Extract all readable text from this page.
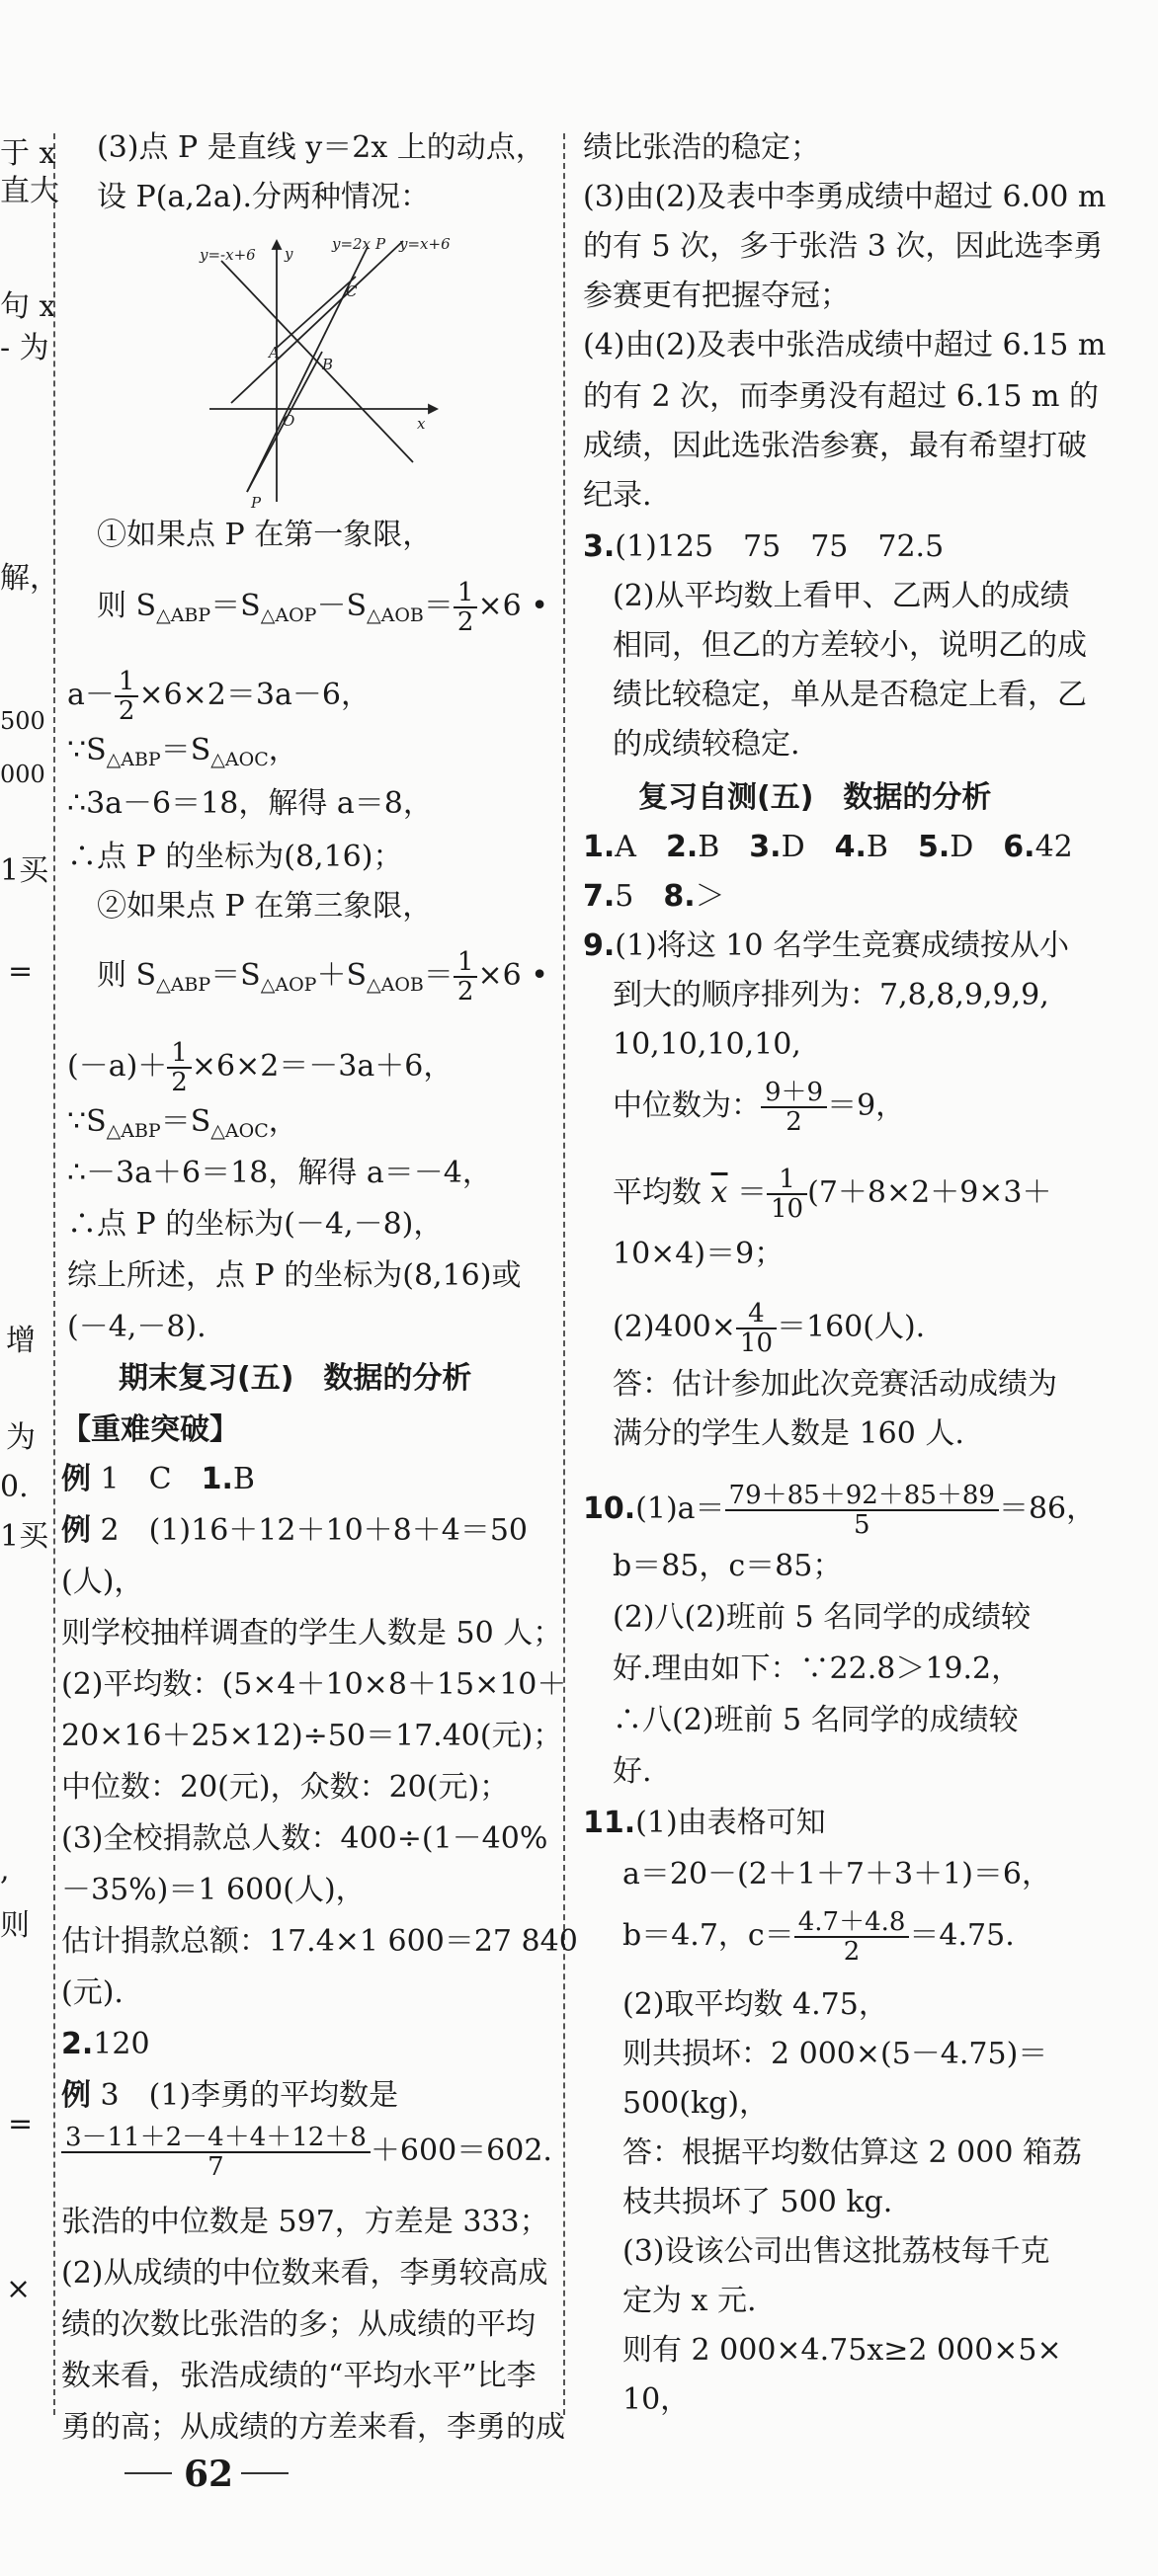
于 x
直大
句 x
- 为
解，
500
000
1买
=
增
为
0.
1买
,
则
=
×
(3)点 P 是直线 y＝2x 上的动点，
设 P(a,2a).分两种情况：
y=-x+6 y
y=2x P y=x+6
C
A
B
O	x
P
①如果点 P 在第一象限，
则 $S_{\triangle ABP}=S_{\triangle AOP}-S_{\triangle AOB}= \frac{1}{2} \times 6$ •
$a- \frac{1}{2} \times 6\times 2=3a-6$，
$\because S_{\triangle ABP}=S_{\triangle AOC}$，
∴3a－6＝18，解得 a＝8，
∴点 P 的坐标为(8,16)；
②如果点 P 在第三象限，
则 $S_{\triangle ABP}=S_{\triangle AOP}+S_{\triangle AOB}= \frac{1}{2} \times 6$ •
$(-a)+ \frac{1}{2} \times 6\times 2=-3a+6$，
$\because S_{\triangle ABP}=S_{\triangle AOC}$，
∴－3a＋6＝18，解得 a＝－4，
∴点 P 的坐标为(－4,－8)，
综上所述，点 P 的坐标为(8,16)或
(－4,－8).
期末复习(五)　数据的分析
【重难突破】
例 1　C　1.B
例 2　(1)16＋12＋10＋8＋4＝50
(人)，
则学校抽样调查的学生人数是 50 人；
(2)平均数：(5×4＋10×8＋15×10＋
20×16＋25×12)÷50＝17.40(元)；
中位数：20(元)，众数：20(元)；
(3)全校捐款总人数：400÷(1－40%
－35%)＝1 600(人)，
估计捐款总额：17.4×1 600＝27 840
(元).
2.120
例 3　(1)李勇的平均数是
$\frac{3-11+2-4+4+12+8}{7} +600=602$.
张浩的中位数是 597，方差是 333；
(2)从成绩的中位数来看，李勇较高成
绩的次数比张浩的多；从成绩的平均
数来看，张浩成绩的“平均水平”比李
勇的高；从成绩的方差来看，李勇的成
绩比张浩的稳定；
(3)由(2)及表中李勇成绩中超过 6.00 m
的有 5 次，多于张浩 3 次，因此选李勇
参赛更有把握夺冠；
(4)由(2)及表中张浩成绩中超过 6.15 m
的有 2 次，而李勇没有超过 6.15 m 的
成绩，因此选张浩参赛，最有希望打破
纪录.
3.(1)125　75　75　72.5
(2)从平均数上看甲、乙两人的成绩
相同，但乙的方差较小，说明乙的成
绩比较稳定，单从是否稳定上看，乙
的成绩较稳定.
复习自测(五)　数据的分析
1.A　 2.B　 3.D　 4.B　 5.D　 6.42
7.5　 8.＞
9.(1)将这 10 名学生竞赛成绩按从小
到大的顺序排列为：7,8,8,9,9,9,
10,10,10,10,
中位数为： $\frac{9+9}{2} =9$，
平均数 $\overline{x} = \frac{1}{10} (7+8\times 2+9\times 3+$
10×4)＝9；
$(2)400\times \frac{4}{10} =160$(人).
答：估计参加此次竞赛活动成绩为
满分的学生人数是 160 人.
$10.(1)a= \frac{79+85+92+85+89}{5} =86$，
b＝85，c＝85；
(2)八(2)班前 5 名同学的成绩较
好.理由如下：∵22.8＞19.2，
∴八(2)班前 5 名同学的成绩较
好.
11.(1)由表格可知
a＝20－(2＋1＋7＋3＋1)＝6，
b＝4.7，$c= \frac{4.7+4.8}{2} =4.75$.
(2)取平均数 4.75，
则共损坏：2 000×(5－4.75)＝
500(kg)，
答：根据平均数估算这 2 000 箱荔
枝共损坏了 500 kg.
(3)设该公司出售这批荔枝每千克
定为 x 元.
则有 2 000×4.75x≥2 000×5×
10，
62
